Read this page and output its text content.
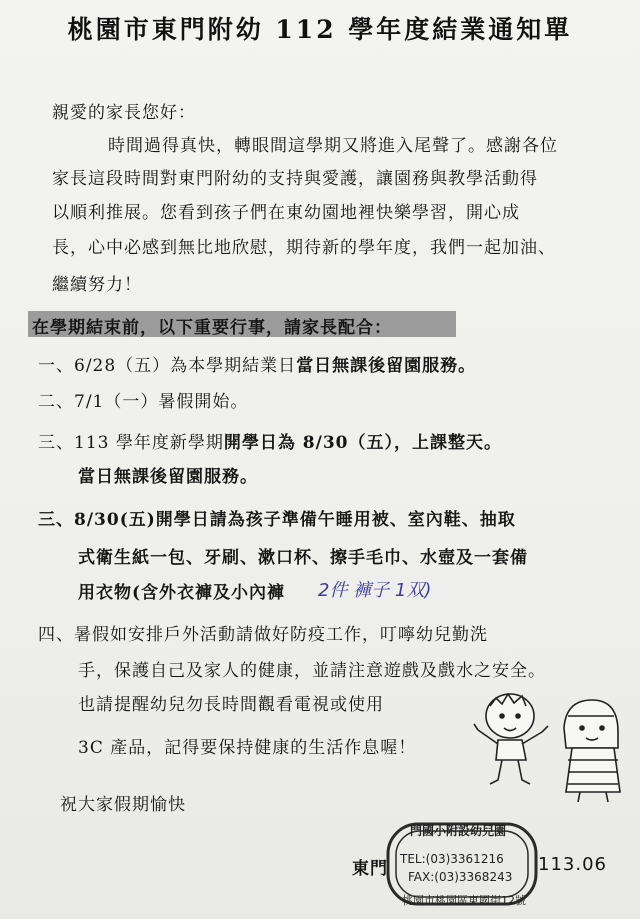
桃園市東門附幼 112 學年度結業通知單
親愛的家長您好：
時間過得真快，轉眼間這學期又將進入尾聲了。感謝各位
家長這段時間對東門附幼的支持與愛護，讓園務與教學活動得
以順利推展。您看到孩子們在東幼園地裡快樂學習，開心成
長，心中必感到無比地欣慰，期待新的學年度，我們一起加油、
繼續努力！
在學期結束前，以下重要行事，請家長配合：
一、6/28（五）為本學期結業日當日無課後留園服務。
二、7/1（一）暑假開始。
三、113 學年度新學期開學日為 8/30（五），上課整天。
當日無課後留園服務。
三、8/30(五)開學日請為孩子準備午睡用被、室內鞋、抽取
式衛生紙一包、牙刷、漱口杯、擦手毛巾、水壺及一套備
用衣物(含外衣褲及小內褲 2件 褲子 1双)
四、暑假如安排戶外活動請做好防疫工作，叮嚀幼兒勤洗
手，保護自己及家人的健康，並請注意遊戲及戲水之安全。
也請提醒幼兒勿長時間觀看電視或使用
3C 產品，記得要保持健康的生活作息喔！
祝大家假期愉快
東門
門國小附設幼兒園
TEL:(03)3361216
FAX:(03)3368243
桃園市桃園區東國街12號
113.06
